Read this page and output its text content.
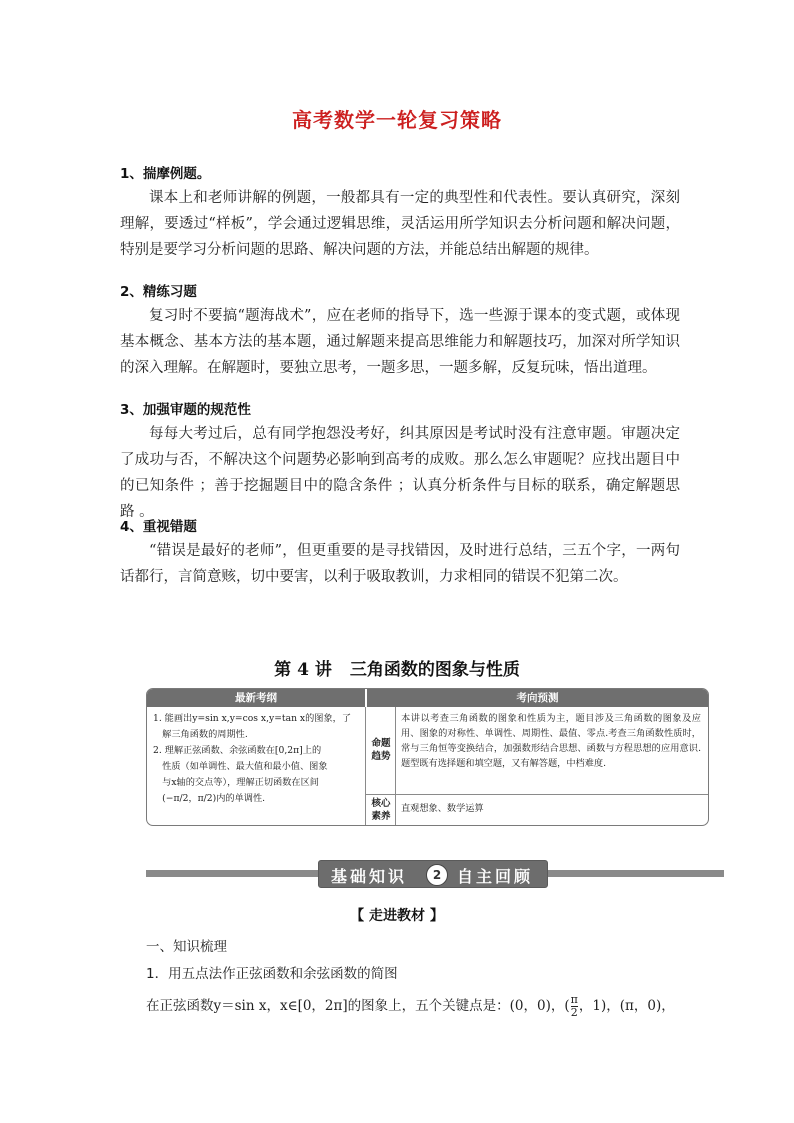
高考数学一轮复习策略
1、揣摩例题。

课本上和老师讲解的例题，一般都具有一定的典型性和代表性。要认真研究，深刻理解，要透过“样板”，学会通过逻辑思维，灵活运用所学知识去分析问题和解决问题，特别是要学习分析问题的思路、解决问题的方法，并能总结出解题的规律。

2、精练习题

复习时不要搞“题海战术”，应在老师的指导下，选一些源于课本的变式题，或体现基本概念、基本方法的基本题，通过解题来提高思维能力和解题技巧，加深对所学知识的深入理解。在解题时，要独立思考，一题多思，一题多解，反复玩味，悟出道理。

3、加强审题的规范性

每每大考过后，总有同学抱怨没考好，纠其原因是考试时没有注意审题。审题决定了成功与否，不解决这个问题势必影响到高考的成败。那么怎么审题呢？应找出题目中的已知条件 ；善于挖掘题目中的隐含条件 ；认真分析条件与目标的联系，确定解题思路 。

4、重视错题

“错误是最好的老师”，但更重要的是寻找错因，及时进行总结，三五个字，一两句话都行，言简意赅，切中要害，以利于吸取教训，力求相同的错误不犯第二次。

第 4 讲 三角函数的图象与性质
最新考纲	考向预测
1. 能画出y=sin x,y=cos x,y=tan x的图象，了
　解三角函数的周期性.
2. 理解正弦函数、余弦函数在[0,2π]上的
　性质（如单调性、最大值和最小值、图象
　与x轴的交点等），理解正切函数在区间
　(−π/2，π/2)内的单调性.
命题趋势
本讲以考查三角函数的图象和性质为主，题目涉及三角函数的图象及应用、图象的对称性、单调性、周期性、最值、零点.考查三角函数性质时，常与三角恒等变换结合，加强数形结合思想、函数与方程思想的应用意识.题型既有选择题和填空题，又有解答题，中档难度.
核心素养
直观想象、数学运算
基础知识	2 自主回顾
【 走进教材 】
一、知识梳理
1．用五点法作正弦函数和余弦函数的简图
在正弦函数y＝sin x，x∈[0，2π]的图象上，五个关键点是：(0，0)，( $\frac{\pi}{2}$ ，1)，(π，0)，
